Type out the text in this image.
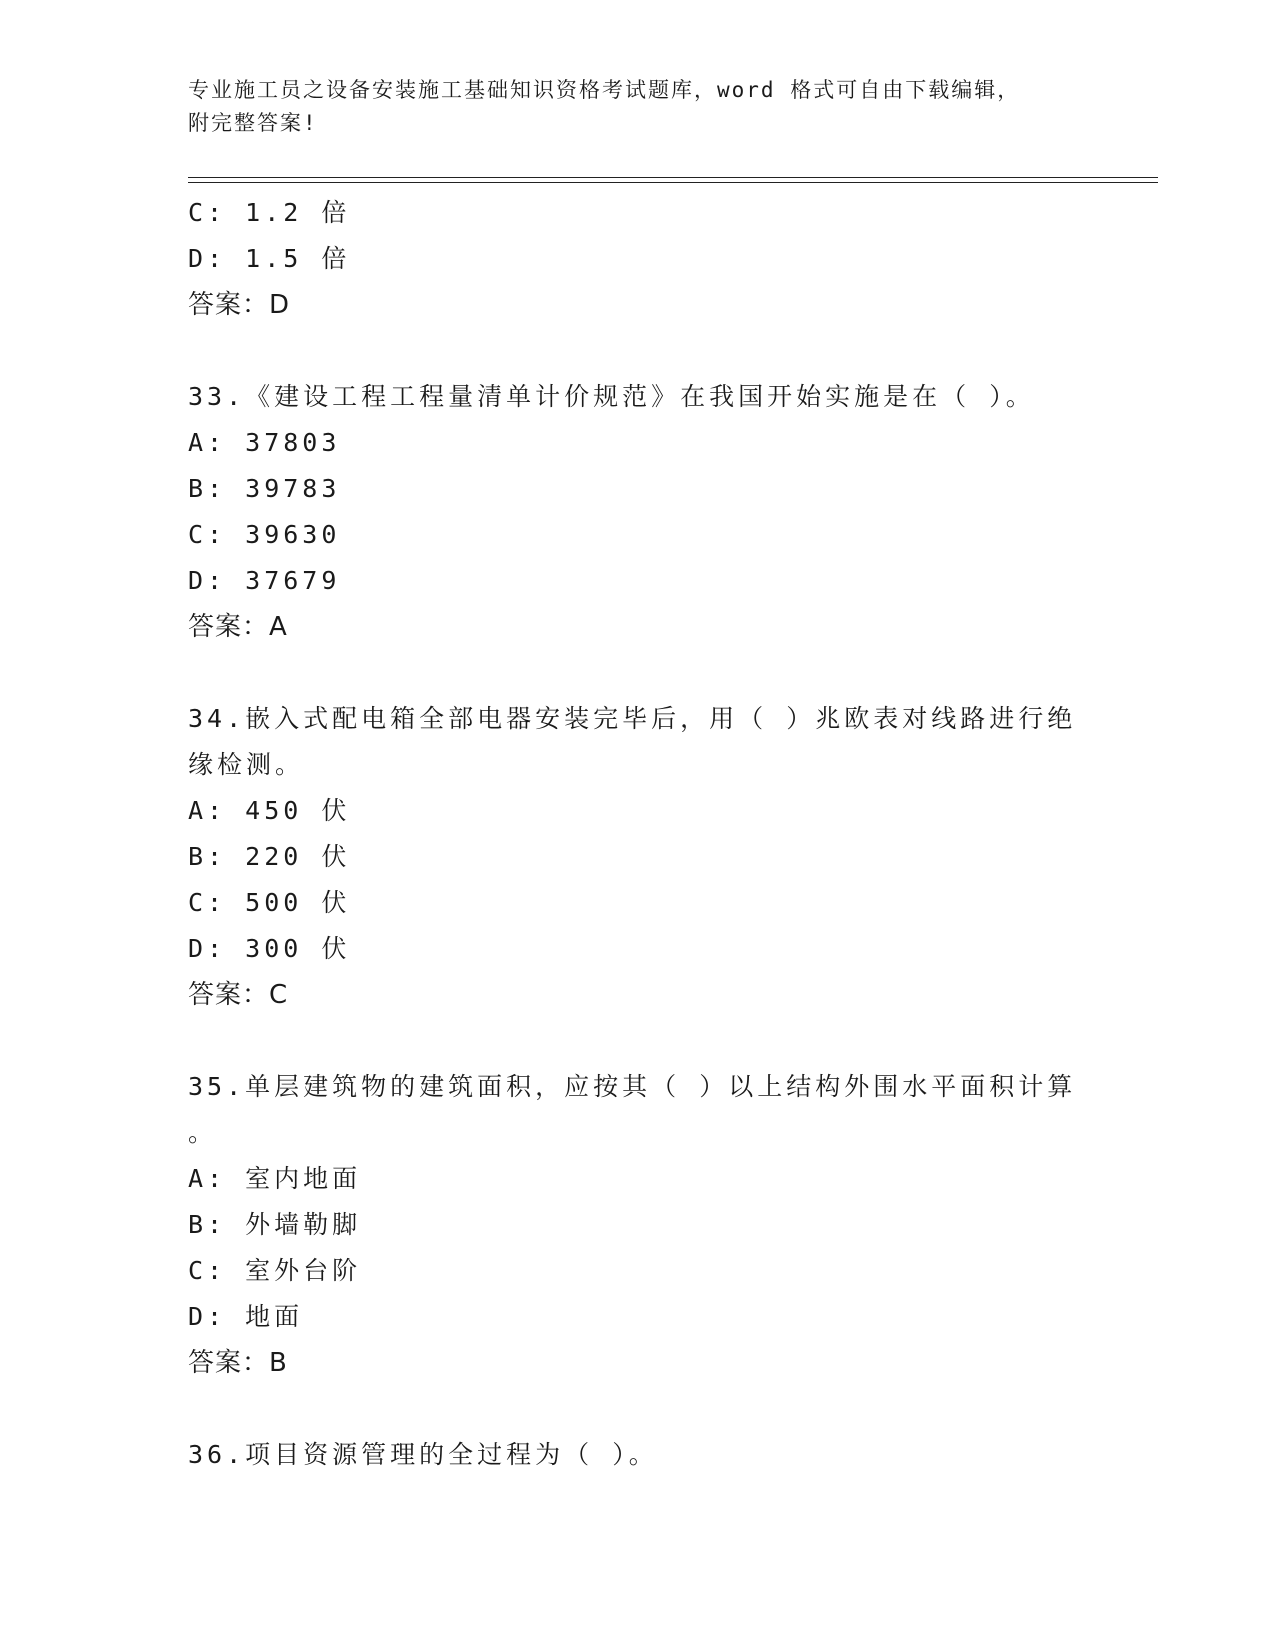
专业施工员之设备安装施工基础知识资格考试题库，word 格式可自由下载编辑，
附完整答案!
C: 1.2 倍
D: 1.5 倍
答案：D
33.《建设工程工程量清单计价规范》在我国开始实施是在（ ）。
A: 37803
B: 39783
C: 39630
D: 37679
答案：A
34.嵌入式配电箱全部电器安装完毕后，用（ ）兆欧表对线路进行绝
缘检测。
A: 450 伏
B: 220 伏
C: 500 伏
D: 300 伏
答案：C
35.单层建筑物的建筑面积，应按其（ ）以上结构外围水平面积计算
。
A: 室内地面
B: 外墙勒脚
C: 室外台阶
D: 地面
答案：B
36.项目资源管理的全过程为（ ）。
